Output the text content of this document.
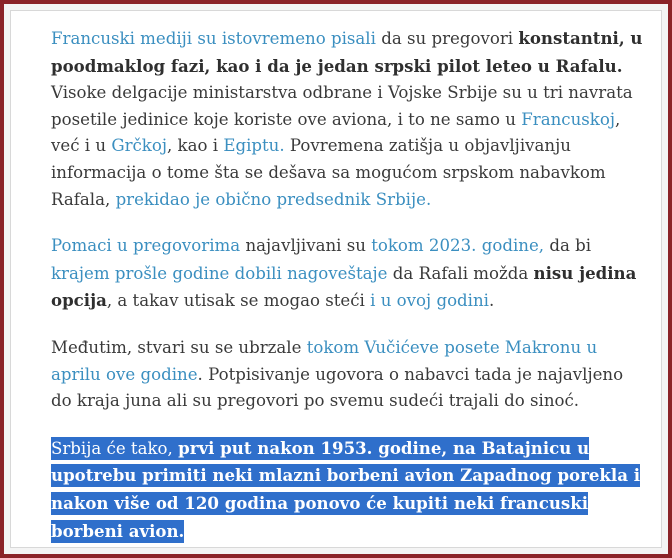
Francuski mediji su istovremeno pisali da su pregovori konstantni, u poodmaklog fazi, kao i da je jedan srpski pilot leteo u Rafalu. Visoke delgacije ministarstva odbrane i Vojske Srbije su u tri navrata posetile jedinice koje koriste ove aviona, i to ne samo u Francuskoj, već i u Grčkoj, kao i Egiptu. Povremena zatišja u objavljivanju informacija o tome šta se dešava sa mogućom srpskom nabavkom Rafala, prekidao je obično predsednik Srbije.

Pomaci u pregovorima najavljivani su tokom 2023. godine, da bi krajem prošle godine dobili nagoveštaje da Rafali možda nisu jedina opcija, a takav utisak se mogao steći i u ovoj godini.

Međutim, stvari su se ubrzale tokom Vučićeve posete Makronu u aprilu ove godine. Potpisivanje ugovora o nabavci tada je najavljeno do kraja juna ali su pregovori po svemu sudeći trajali do sinoć.

Srbija će tako, prvi put nakon 1953. godine, na Batajnicu u upotrebu primiti neki mlazni borbeni avion Zapadnog porekla i nakon više od 120 godina ponovo će kupiti neki francuski borbeni avion.
